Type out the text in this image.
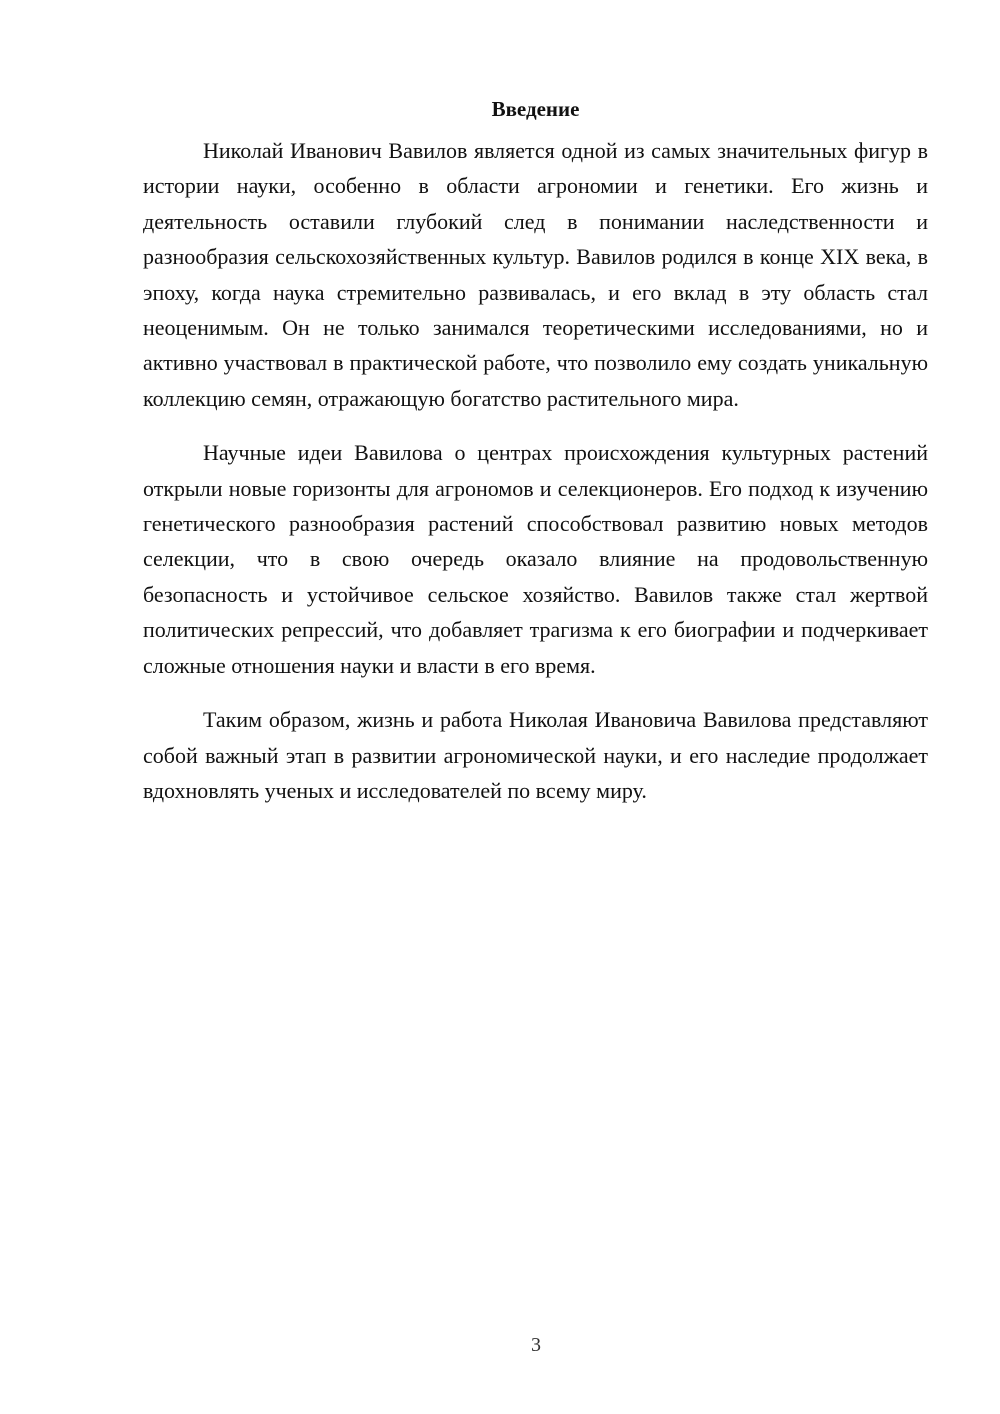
Введение

Николай Иванович Вавилов является одной из самых значительных фигур в истории науки, особенно в области агрономии и генетики. Его жизнь и деятельность оставили глубокий след в понимании наследственности и разнообразия сельскохозяйственных культур. Вавилов родился в конце XIX века, в эпоху, когда наука стремительно развивалась, и его вклад в эту область стал неоценимым. Он не только занимался теоретическими исследованиями, но и активно участвовал в практической работе, что позволило ему создать уникальную коллекцию семян, отражающую богатство растительного мира.

Научные идеи Вавилова о центрах происхождения культурных растений открыли новые горизонты для агрономов и селекционеров. Его подход к изучению генетического разнообразия растений способствовал развитию новых методов селекции, что в свою очередь оказало влияние на продовольственную безопасность и устойчивое сельское хозяйство. Вавилов также стал жертвой политических репрессий, что добавляет трагизма к его биографии и подчеркивает сложные отношения науки и власти в его время.

Таким образом, жизнь и работа Николая Ивановича Вавилова представляют собой важный этап в развитии агрономической науки, и его наследие продолжает вдохновлять ученых и исследователей по всему миру.

3
